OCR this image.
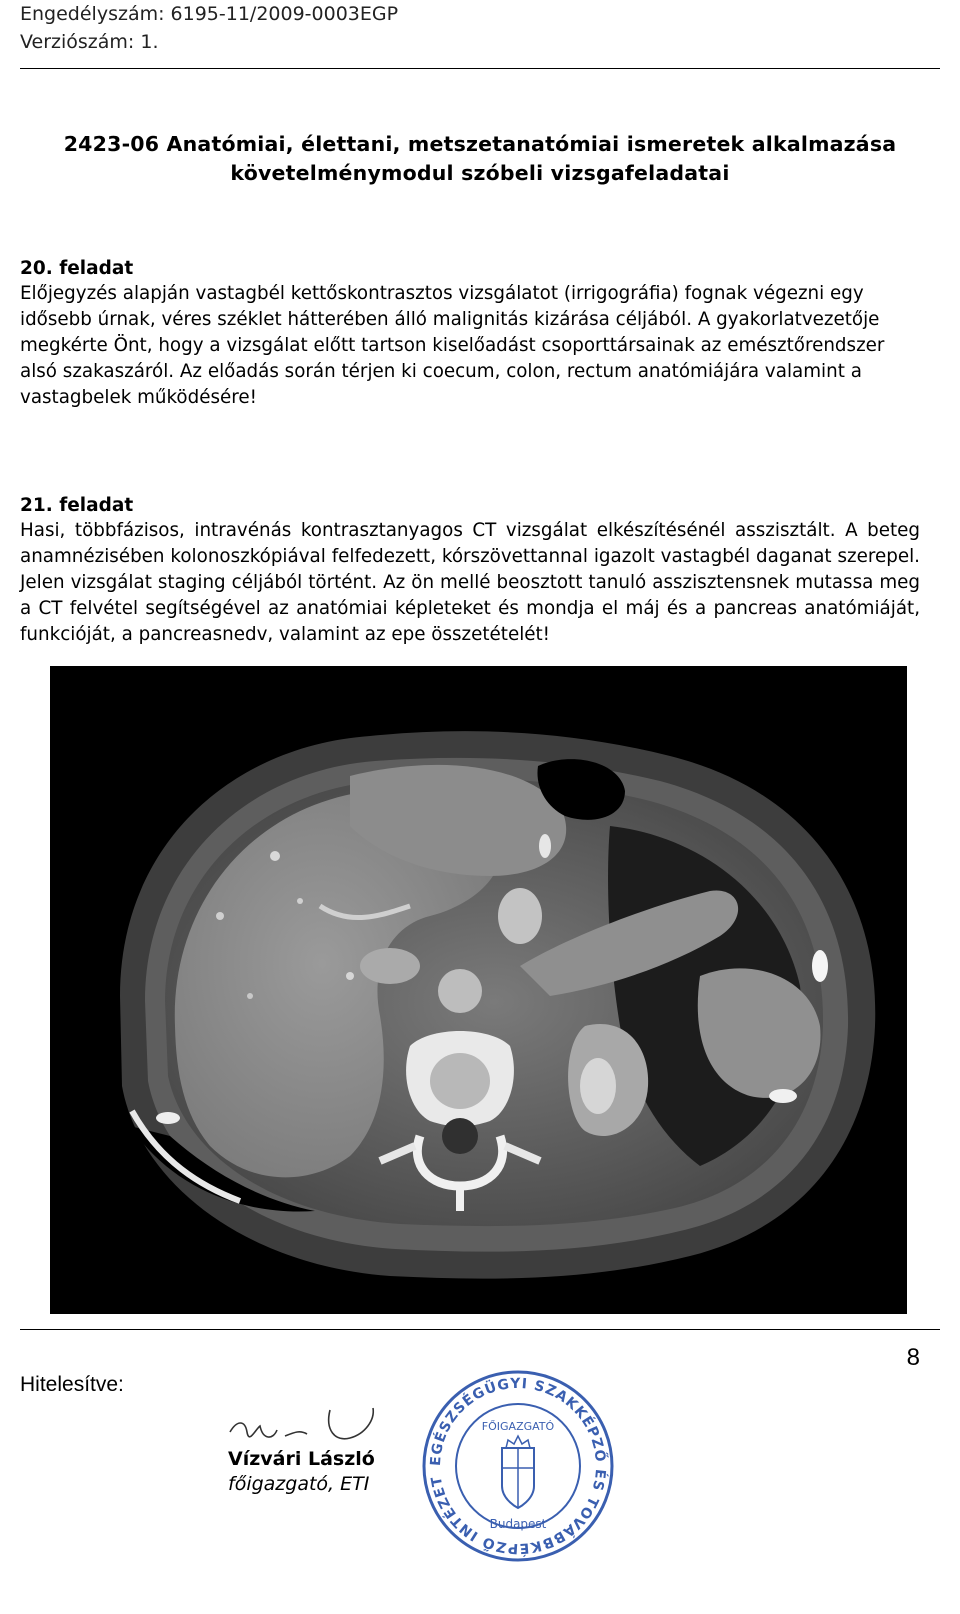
Engedélyszám: 6195-11/2009-0003EGP
Verziószám: 1.
2423-06 Anatómiai, élettani, metszetanatómiai ismeretek alkalmazása
követelménymodul szóbeli vizsgafeladatai
20. feladat
Előjegyzés alapján vastagbél kettőskontrasztos vizsgálatot (irrigográfia) fognak végezni egy idősebb úrnak, véres széklet hátterében álló malignitás kizárása céljából. A gyakorlatvezetője megkérte Önt, hogy a vizsgálat előtt tartson kiselőadást csoporttársainak az emésztőrendszer alsó szakaszáról. Az előadás során térjen ki coecum, colon, rectum anatómiájára valamint a vastagbelek működésére!
21. feladat
Hasi, többfázisos, intravénás kontrasztanyagos CT vizsgálat elkészítésénél asszisztált. A beteg anamnézisében kolonoszkópiával felfedezett, kórszövettannal igazolt vastagbél daganat szerepel. Jelen vizsgálat staging céljából történt. Az ön mellé beosztott tanuló asszisztensnek mutassa meg a CT felvétel segítségével az anatómiai képleteket és mondja el máj és a pancreas anatómiáját, funkcióját, a pancreasnedv, valamint az epe összetételét!
8
Hitelesítve:
Vízvári László
főigazgató, ETI
EGÉSZSÉGÜGYI SZAKKÉPZŐ ÉS TOVÁBBKÉPZŐ INTÉZET
FŐIGAZGATÓ
Budapest
